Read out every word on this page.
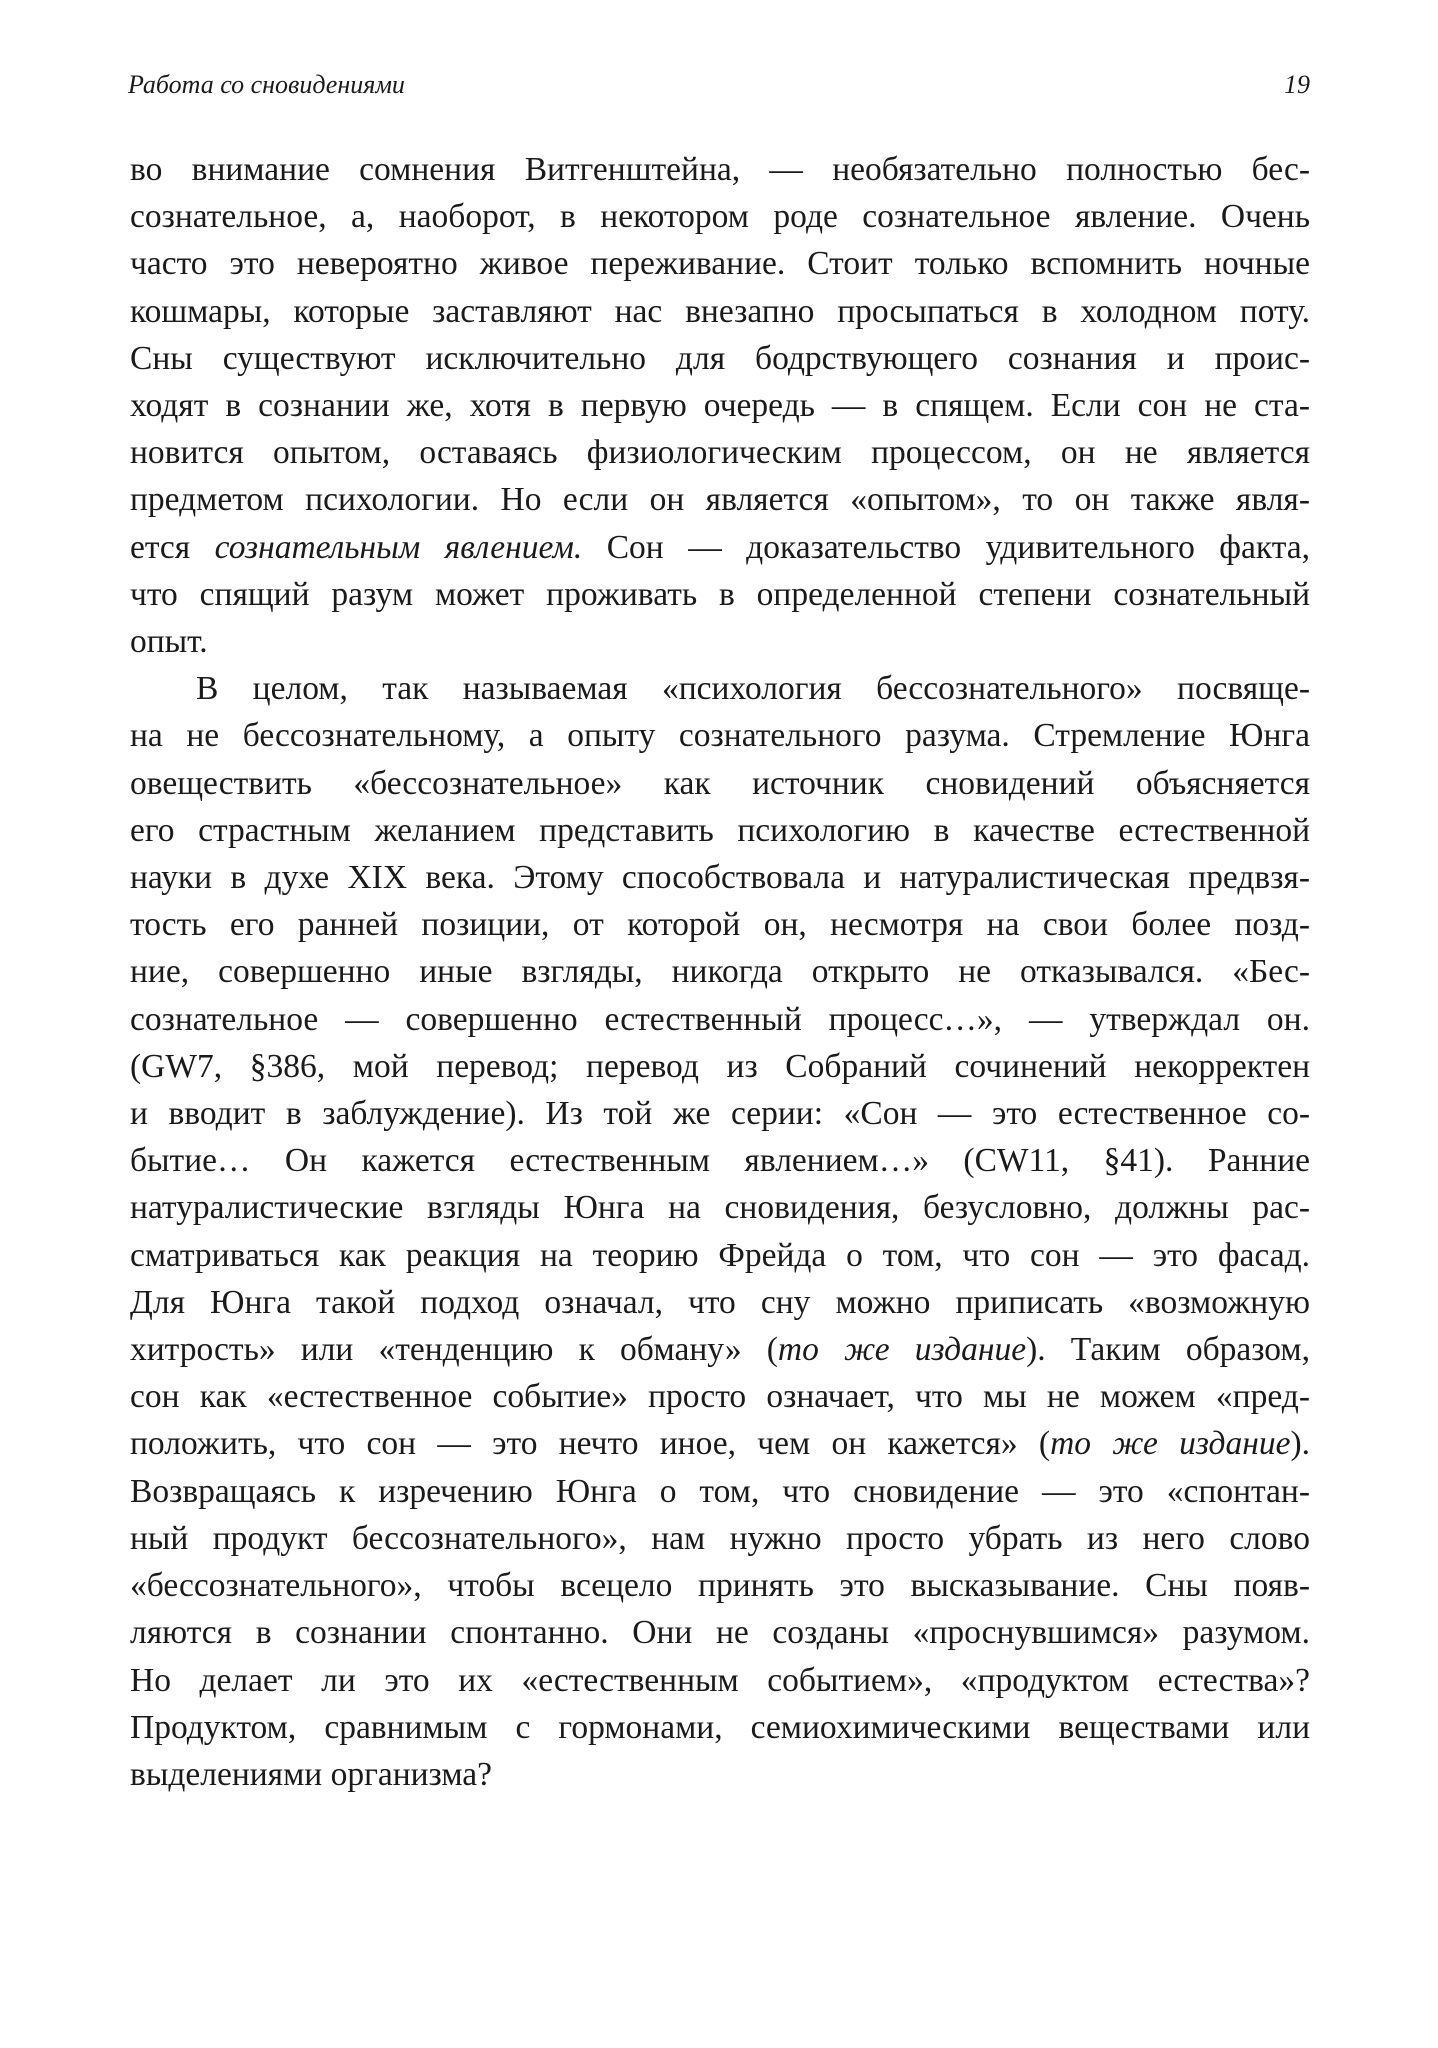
Работа со сновидениями	19

во внимание сомнения Витгенштейна, — необязательно полностью бес-
сознательное, а, наоборот, в некотором роде сознательное явление. Очень
часто это невероятно живое переживание. Стоит только вспомнить ночные
кошмары, которые заставляют нас внезапно просыпаться в холодном поту.
Сны существуют исключительно для бодрствующего сознания и проис-
ходят в сознании же, хотя в первую очередь — в спящем. Если сон не ста-
новится опытом, оставаясь физиологическим процессом, он не является
предметом психологии. Но если он является «опытом», то он также явля-
ется сознательным явлением. Сон — доказательство удивительного факта,
что спящий разум может проживать в определенной степени сознательный
опыт.

В целом, так называемая «психология бессознательного» посвяще-
на не бессознательному, а опыту сознательного разума. Стремление Юнга
овеществить «бессознательное» как источник сновидений объясняется
его страстным желанием представить психологию в качестве естественной
науки в духе XIX века. Этому способствовала и натуралистическая предвзя-
тость его ранней позиции, от которой он, несмотря на свои более позд-
ние, совершенно иные взгляды, никогда открыто не отказывался. «Бес-
сознательное — совершенно естественный процесс…», — утверждал он.
(GW7, §386, мой перевод; перевод из Собраний сочинений некорректен
и вводит в заблуждение). Из той же серии: «Сон — это естественное со-
бытие… Он кажется естественным явлением…» (CW11, §41). Ранние
натуралистические взгляды Юнга на сновидения, безусловно, должны рас-
сматриваться как реакция на теорию Фрейда о том, что сон — это фасад.
Для Юнга такой подход означал, что сну можно приписать «возможную
хитрость» или «тенденцию к обману» (то же издание). Таким образом,
сон как «естественное событие» просто означает, что мы не можем «пред-
положить, что сон — это нечто иное, чем он кажется» (то же издание).
Возвращаясь к изречению Юнга о том, что сновидение — это «спонтан-
ный продукт бессознательного», нам нужно просто убрать из него слово
«бессознательного», чтобы всецело принять это высказывание. Сны появ-
ляются в сознании спонтанно. Они не созданы «проснувшимся» разумом.
Но делает ли это их «естественным событием», «продуктом естества»?
Продуктом, сравнимым с гормонами, семиохимическими веществами или
выделениями организма?
